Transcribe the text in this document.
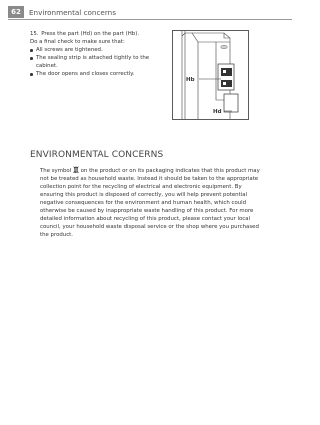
62	Environmental concerns

15. Press the part (Hd) on the part (Hb).

Do a final check to make sure that:

All screws are tightened.
The sealing strip is attached tightly to the cabinet.
The door opens and closes correctly.
Hb
Hd
ENVIRONMENTAL CONCERNS

The symbol  on the product or on its packaging indicates that this product may not be treated as household waste. Instead it should be taken to the appropriate collection point for the recycling of electrical and electronic equipment. By ensuring this product is disposed of correctly, you will help prevent potential negative consequences for the environment and human health, which could otherwise be caused by inappropriate waste handling of this product. For more detailed information about recycling of this product, please contact your local council, your household waste disposal service or the shop where you purchased the product.
